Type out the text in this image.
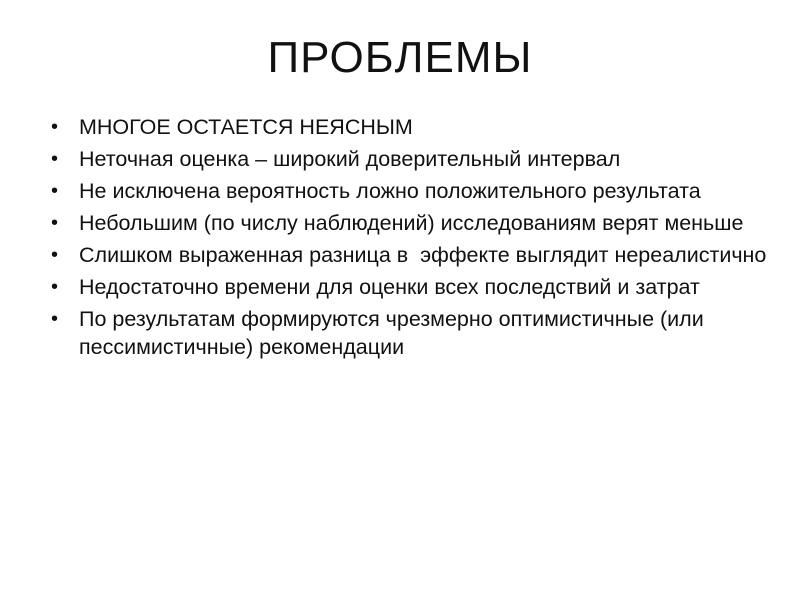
ПРОБЛЕМЫ
• МНОГОЕ ОСТАЕТСЯ НЕЯСНЫМ
• Неточная оценка – широкий доверительный интервал
• Не исключена вероятность ложно положительного результата
• Небольшим (по числу наблюдений) исследованиям верят меньше
• Слишком выраженная разница в  эффекте выглядит нереалистично
• Недостаточно времени для оценки всех последствий и затрат
• По результатам формируются чрезмерно оптимистичные (или пессимистичные) рекомендации
